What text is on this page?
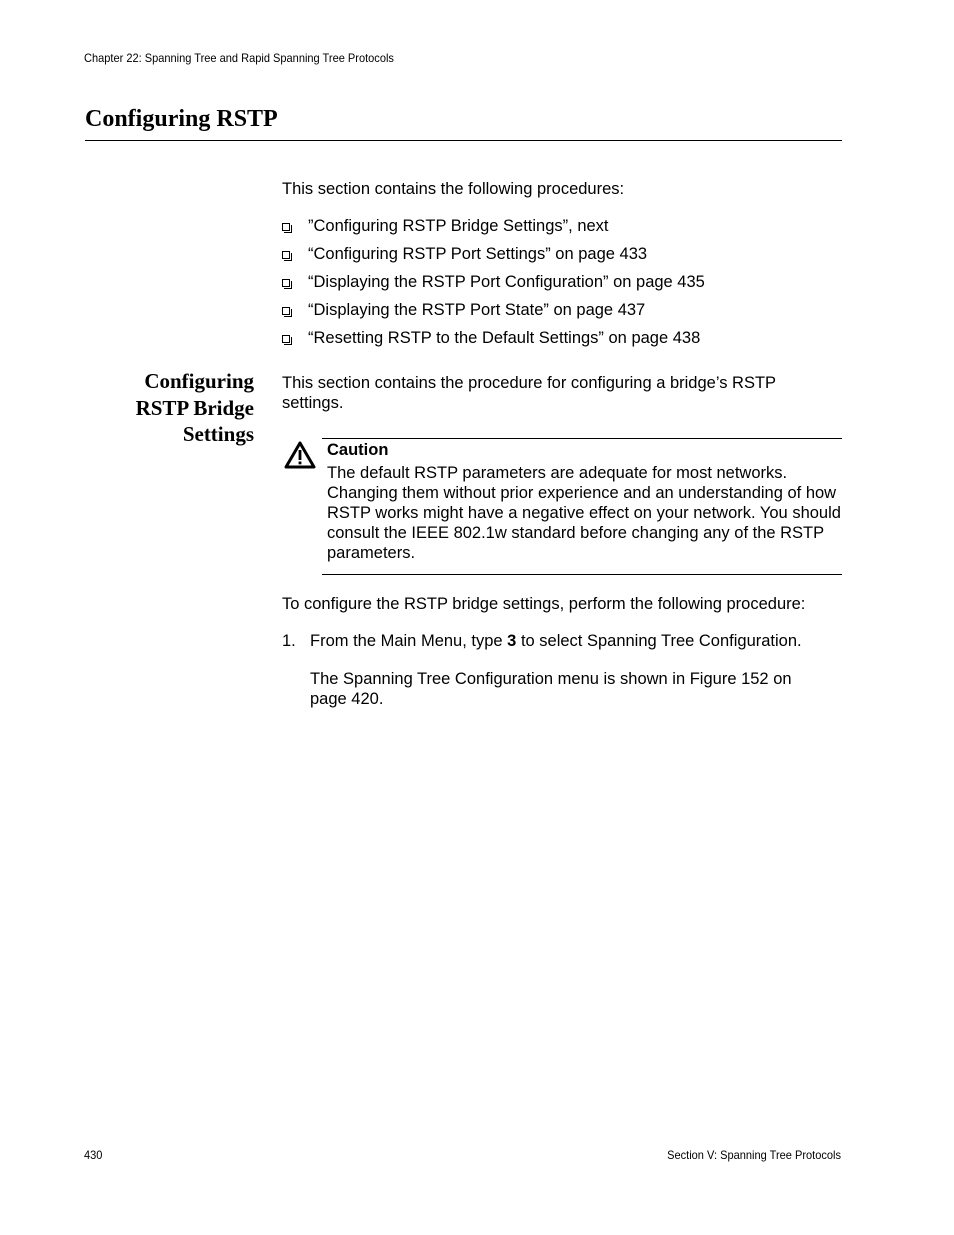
Chapter 22: Spanning Tree and Rapid Spanning Tree Protocols
Configuring RSTP
This section contains the following procedures:
”Configuring RSTP Bridge Settings”, next
“Configuring RSTP Port Settings” on page 433
“Displaying the RSTP Port Configuration” on page 435
“Displaying the RSTP Port State” on page 437
“Resetting RSTP to the Default Settings” on page 438
Configuring
RSTP Bridge
Settings
This section contains the procedure for configuring a bridge’s RSTP settings.
Caution
The default RSTP parameters are adequate for most networks. Changing them without prior experience and an understanding of how RSTP works might have a negative effect on your network. You should consult the IEEE 802.1w standard before changing any of the RSTP parameters.
To configure the RSTP bridge settings, perform the following procedure:
1. From the Main Menu, type 3 to select Spanning Tree Configuration.
The Spanning Tree Configuration menu is shown in Figure 152 on page 420.
430	Section V: Spanning Tree Protocols
